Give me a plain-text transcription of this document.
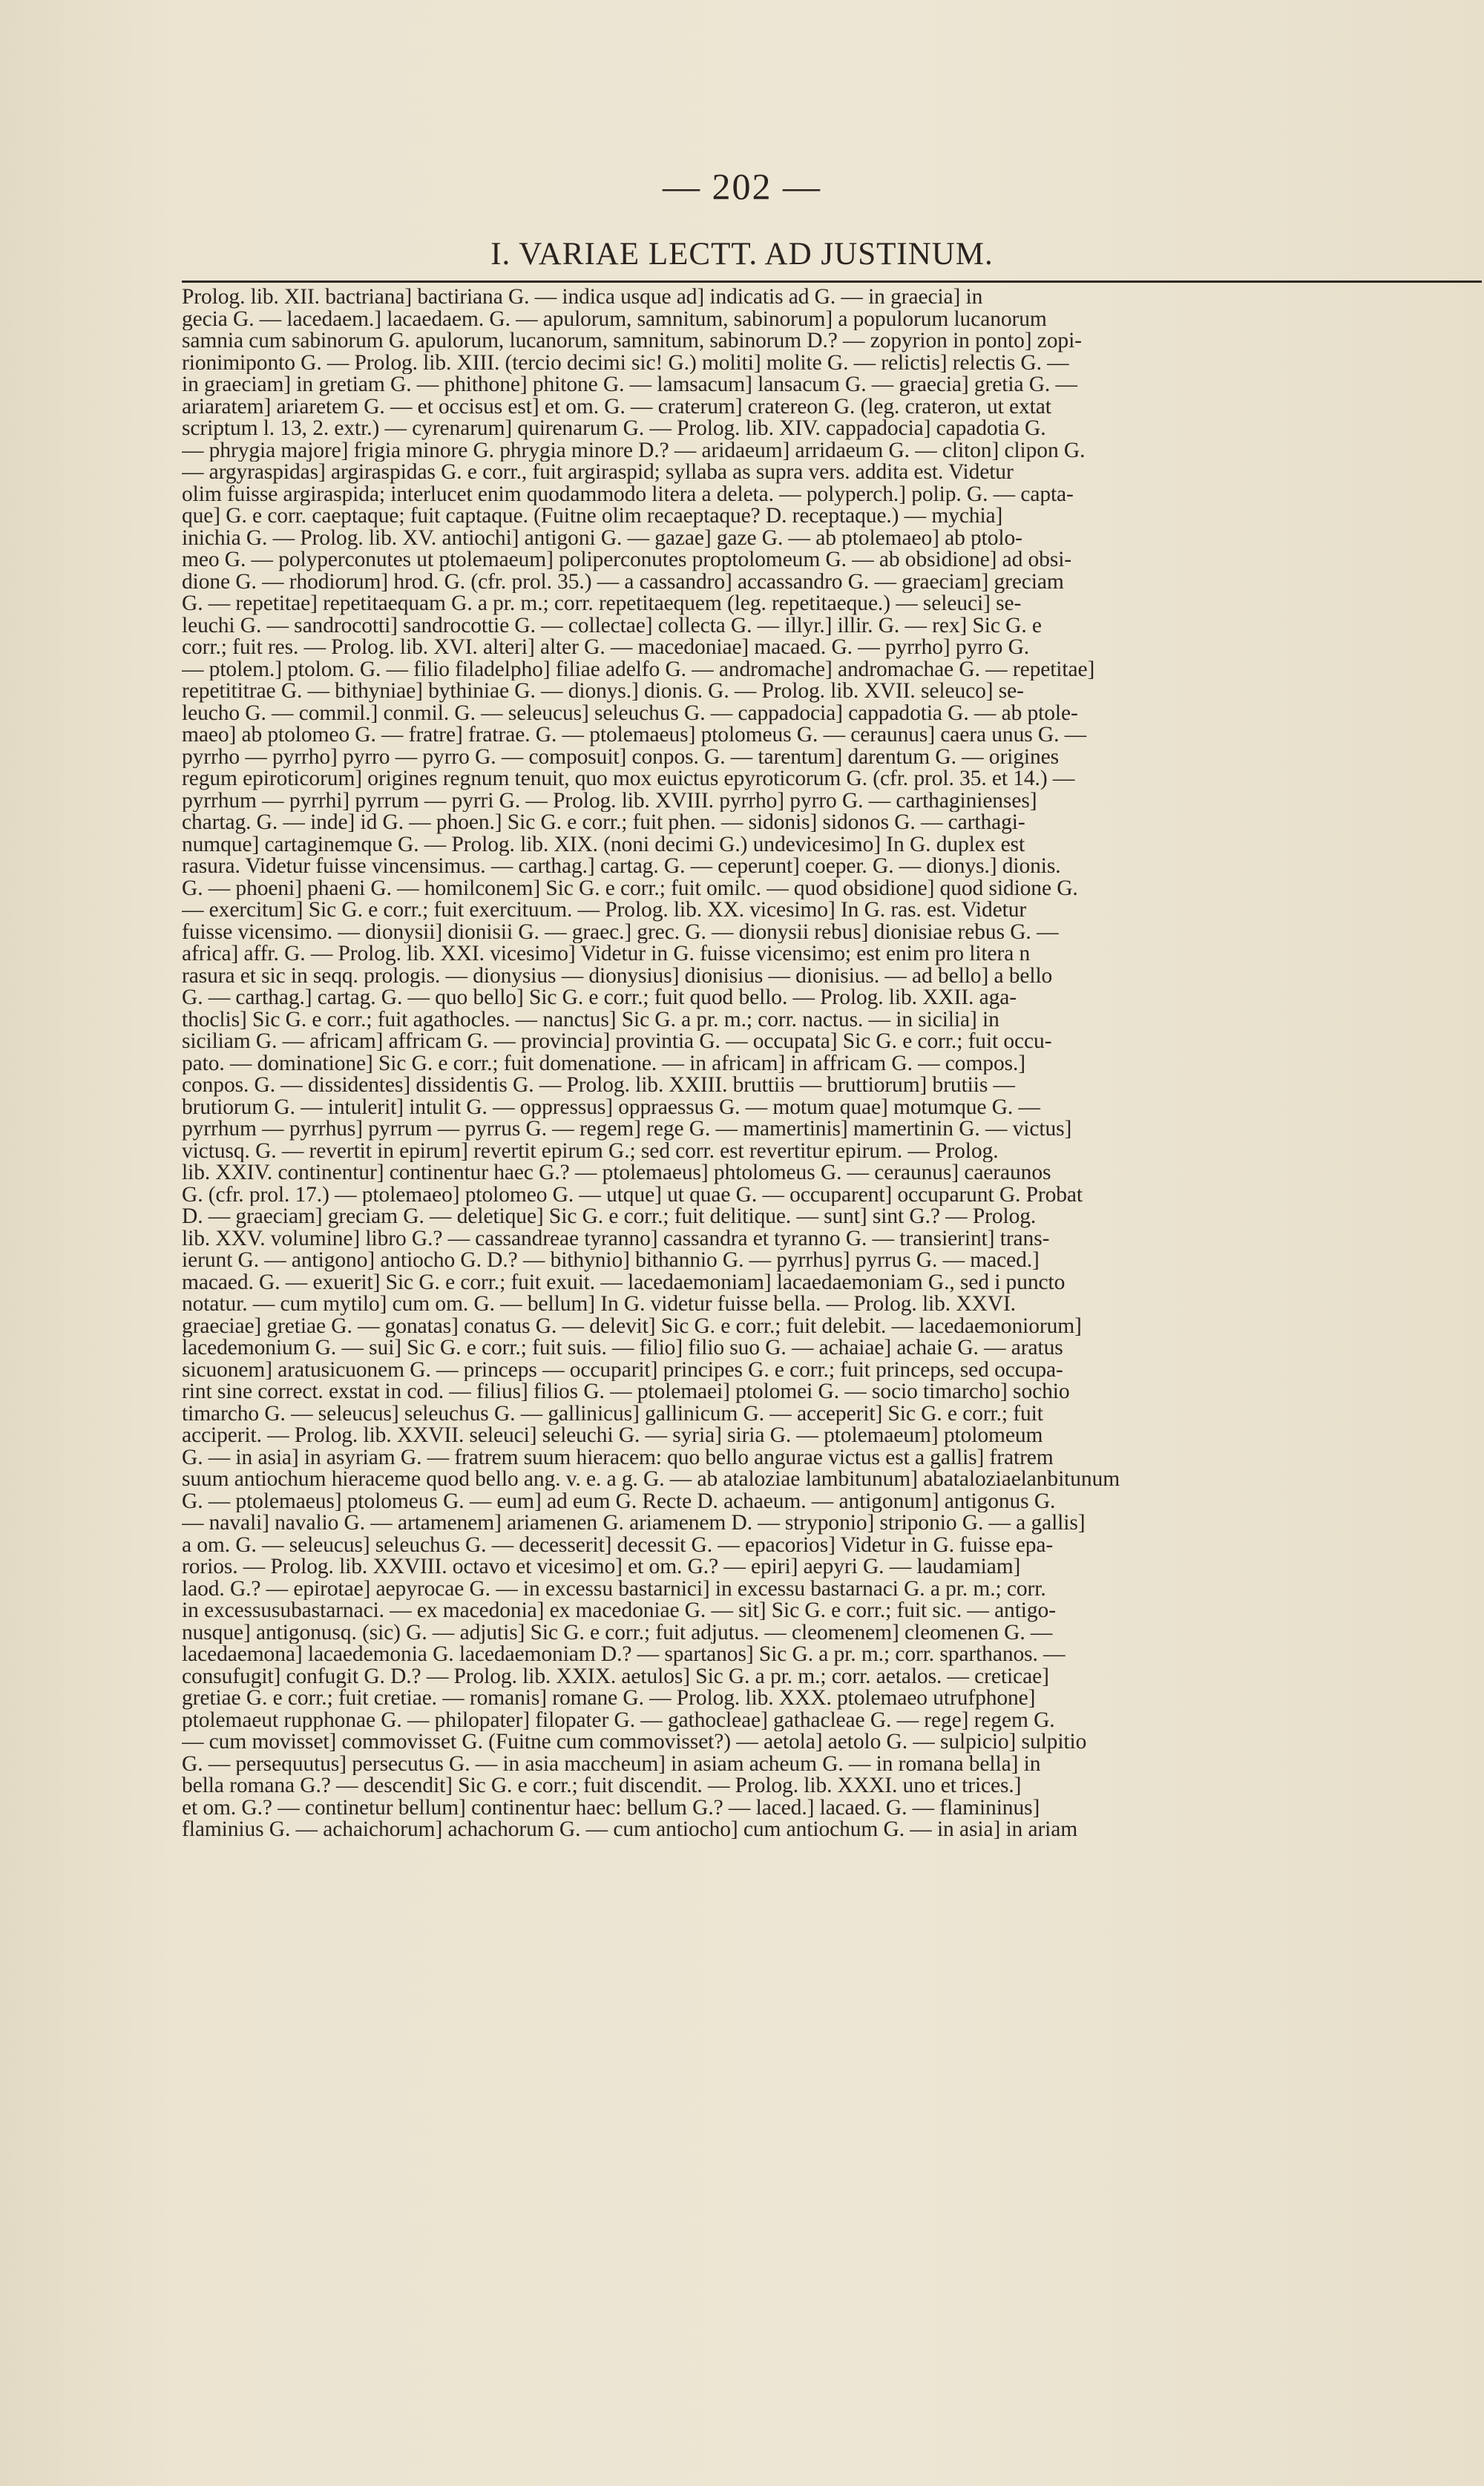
— 202 —
I. VARIAE LECTT. AD JUSTINUM.
Prolog. lib. XII. bactriana] bactiriana G. — indica usque ad] indicatis ad G. — in graecia] in
gecia G. — lacedaem.] lacaedaem. G. — apulorum, samnitum, sabinorum] a populorum lucanorum
samnia cum sabinorum G. apulorum, lucanorum, samnitum, sabinorum D.? — zopyrion in ponto] zopi-
rionimiponto G. — Prolog. lib. XIII. (tercio decimi sic! G.) moliti] molite G. — relictis] relectis G. —
in graeciam] in gretiam G. — phithone] phitone G. — lamsacum] lansacum G. — graecia] gretia G. —
ariaratem] ariaretem G. — et occisus est] et om. G. — craterum] cratereon G. (leg. crateron, ut extat
scriptum l. 13, 2. extr.) — cyrenarum] quirenarum G. — Prolog. lib. XIV. cappadocia] capadotia G.
— phrygia majore] frigia minore G. phrygia minore D.? — aridaeum] arridaeum G. — cliton] clipon G.
— argyraspidas] argiraspidas G. e corr., fuit argiraspid; syllaba as supra vers. addita est. Videtur
olim fuisse argiraspida; interlucet enim quodammodo litera a deleta. — polyperch.] polip. G. — capta-
que] G. e corr. caeptaque; fuit captaque. (Fuitne olim recaeptaque? D. receptaque.) — mychia]
inichia G. — Prolog. lib. XV. antiochi] antigoni G. — gazae] gaze G. — ab ptolemaeo] ab ptolo-
meo G. — polyperconutes ut ptolemaeum] poliperconutes proptolomeum G. — ab obsidione] ad obsi-
dione G. — rhodiorum] hrod. G. (cfr. prol. 35.) — a cassandro] accassandro G. — graeciam] greciam
G. — repetitae] repetitaequam G. a pr. m.; corr. repetitaequem (leg. repetitaeque.) — seleuci] se-
leuchi G. — sandrocotti] sandrocottie G. — collectae] collecta G. — illyr.] illir. G. — rex] Sic G. e
corr.; fuit res. — Prolog. lib. XVI. alteri] alter G. — macedoniae] macaed. G. — pyrrho] pyrro G.
— ptolem.] ptolom. G. — filio filadelpho] filiae adelfo G. — andromache] andromachae G. — repetitae]
repetititrae G. — bithyniae] bythiniae G. — dionys.] dionis. G. — Prolog. lib. XVII. seleuco] se-
leucho G. — commil.] conmil. G. — seleucus] seleuchus G. — cappadocia] cappadotia G. — ab ptole-
maeo] ab ptolomeo G. — fratre] fratrae. G. — ptolemaeus] ptolomeus G. — ceraunus] caera unus G. —
pyrrho — pyrrho] pyrro — pyrro G. — composuit] conpos. G. — tarentum] darentum G. — origines
regum epiroticorum] origines regnum tenuit, quo mox euictus epyroticorum G. (cfr. prol. 35. et 14.) —
pyrrhum — pyrrhi] pyrrum — pyrri G. — Prolog. lib. XVIII. pyrrho] pyrro G. — carthaginienses]
chartag. G. — inde] id G. — phoen.] Sic G. e corr.; fuit phen. — sidonis] sidonos G. — carthagi-
numque] cartaginemque G. — Prolog. lib. XIX. (noni decimi G.) undevicesimo] In G. duplex est
rasura. Videtur fuisse vincensimus. — carthag.] cartag. G. — ceperunt] coeper. G. — dionys.] dionis.
G. — phoeni] phaeni G. — homilconem] Sic G. e corr.; fuit omilc. — quod obsidione] quod sidione G.
— exercitum] Sic G. e corr.; fuit exercituum. — Prolog. lib. XX. vicesimo] In G. ras. est. Videtur
fuisse vicensimo. — dionysii] dionisii G. — graec.] grec. G. — dionysii rebus] dionisiae rebus G. —
africa] affr. G. — Prolog. lib. XXI. vicesimo] Videtur in G. fuisse vicensimo; est enim pro litera n
rasura et sic in seqq. prologis. — dionysius — dionysius] dionisius — dionisius. — ad bello] a bello
G. — carthag.] cartag. G. — quo bello] Sic G. e corr.; fuit quod bello. — Prolog. lib. XXII. aga-
thoclis] Sic G. e corr.; fuit agathocles. — nanctus] Sic G. a pr. m.; corr. nactus. — in sicilia] in
siciliam G. — africam] affricam G. — provincia] provintia G. — occupata] Sic G. e corr.; fuit occu-
pato. — dominatione] Sic G. e corr.; fuit domenatione. — in africam] in affricam G. — compos.]
conpos. G. — dissidentes] dissidentis G. — Prolog. lib. XXIII. bruttiis — bruttiorum] brutiis —
brutiorum G. — intulerit] intulit G. — oppressus] oppraessus G. — motum quae] motumque G. —
pyrrhum — pyrrhus] pyrrum — pyrrus G. — regem] rege G. — mamertinis] mamertinin G. — victus]
victusq. G. — revertit in epirum] revertit epirum G.; sed corr. est revertitur epirum. — Prolog.
lib. XXIV. continentur] continentur haec G.? — ptolemaeus] phtolomeus G. — ceraunus] caeraunos
G. (cfr. prol. 17.) — ptolemaeo] ptolomeo G. — utque] ut quae G. — occuparent] occuparunt G. Probat
D. — graeciam] greciam G. — deletique] Sic G. e corr.; fuit delitique. — sunt] sint G.? — Prolog.
lib. XXV. volumine] libro G.? — cassandreae tyranno] cassandra et tyranno G. — transierint] trans-
ierunt G. — antigono] antiocho G. D.? — bithynio] bithannio G. — pyrrhus] pyrrus G. — maced.]
macaed. G. — exuerit] Sic G. e corr.; fuit exuit. — lacedaemoniam] lacaedaemoniam G., sed i puncto
notatur. — cum mytilo] cum om. G. — bellum] In G. videtur fuisse bella. — Prolog. lib. XXVI.
graeciae] gretiae G. — gonatas] conatus G. — delevit] Sic G. e corr.; fuit delebit. — lacedaemoniorum]
lacedemonium G. — sui] Sic G. e corr.; fuit suis. — filio] filio suo G. — achaiae] achaie G. — aratus
sicuonem] aratusicuonem G. — princeps — occuparit] principes G. e corr.; fuit princeps, sed occupa-
rint sine correct. exstat in cod. — filius] filios G. — ptolemaei] ptolomei G. — socio timarcho] sochio
timarcho G. — seleucus] seleuchus G. — gallinicus] gallinicum G. — acceperit] Sic G. e corr.; fuit
acciperit. — Prolog. lib. XXVII. seleuci] seleuchi G. — syria] siria G. — ptolemaeum] ptolomeum
G. — in asia] in asyriam G. — fratrem suum hieracem: quo bello angurae victus est a gallis] fratrem
suum antiochum hieraceme quod bello ang. v. e. a g. G. — ab ataloziae lambitunum] abataloziaelanbitunum
G. — ptolemaeus] ptolomeus G. — eum] ad eum G. Recte D. achaeum. — antigonum] antigonus G.
— navali] navalio G. — artamenem] ariamenen G. ariamenem D. — stryponio] striponio G. — a gallis]
a om. G. — seleucus] seleuchus G. — decesserit] decessit G. — epacorios] Videtur in G. fuisse epa-
rorios. — Prolog. lib. XXVIII. octavo et vicesimo] et om. G.? — epiri] aepyri G. — laudamiam]
laod. G.? — epirotae] aepyrocae G. — in excessu bastarnici] in excessu bastarnaci G. a pr. m.; corr.
in excessusubastarnaci. — ex macedonia] ex macedoniae G. — sit] Sic G. e corr.; fuit sic. — antigo-
nusque] antigonusq. (sic) G. — adjutis] Sic G. e corr.; fuit adjutus. — cleomenem] cleomenen G. —
lacedaemona] lacaedemonia G. lacedaemoniam D.? — spartanos] Sic G. a pr. m.; corr. sparthanos. —
consufugit] confugit G. D.? — Prolog. lib. XXIX. aetulos] Sic G. a pr. m.; corr. aetalos. — creticae]
gretiae G. e corr.; fuit cretiae. — romanis] romane G. — Prolog. lib. XXX. ptolemaeo utrufphone]
ptolemaeut rupphonae G. — philopater] filopater G. — gathocleae] gathacleae G. — rege] regem G.
— cum movisset] commovisset G. (Fuitne cum commovisset?) — aetola] aetolo G. — sulpicio] sulpitio
G. — persequutus] persecutus G. — in asia maccheum] in asiam acheum G. — in romana bella] in
bella romana G.? — descendit] Sic G. e corr.; fuit discendit. — Prolog. lib. XXXI. uno et trices.]
et om. G.? — continetur bellum] continentur haec: bellum G.? — laced.] lacaed. G. — flamininus]
flaminius G. — achaichorum] achachorum G. — cum antiocho] cum antiochum G. — in asia] in ariam
